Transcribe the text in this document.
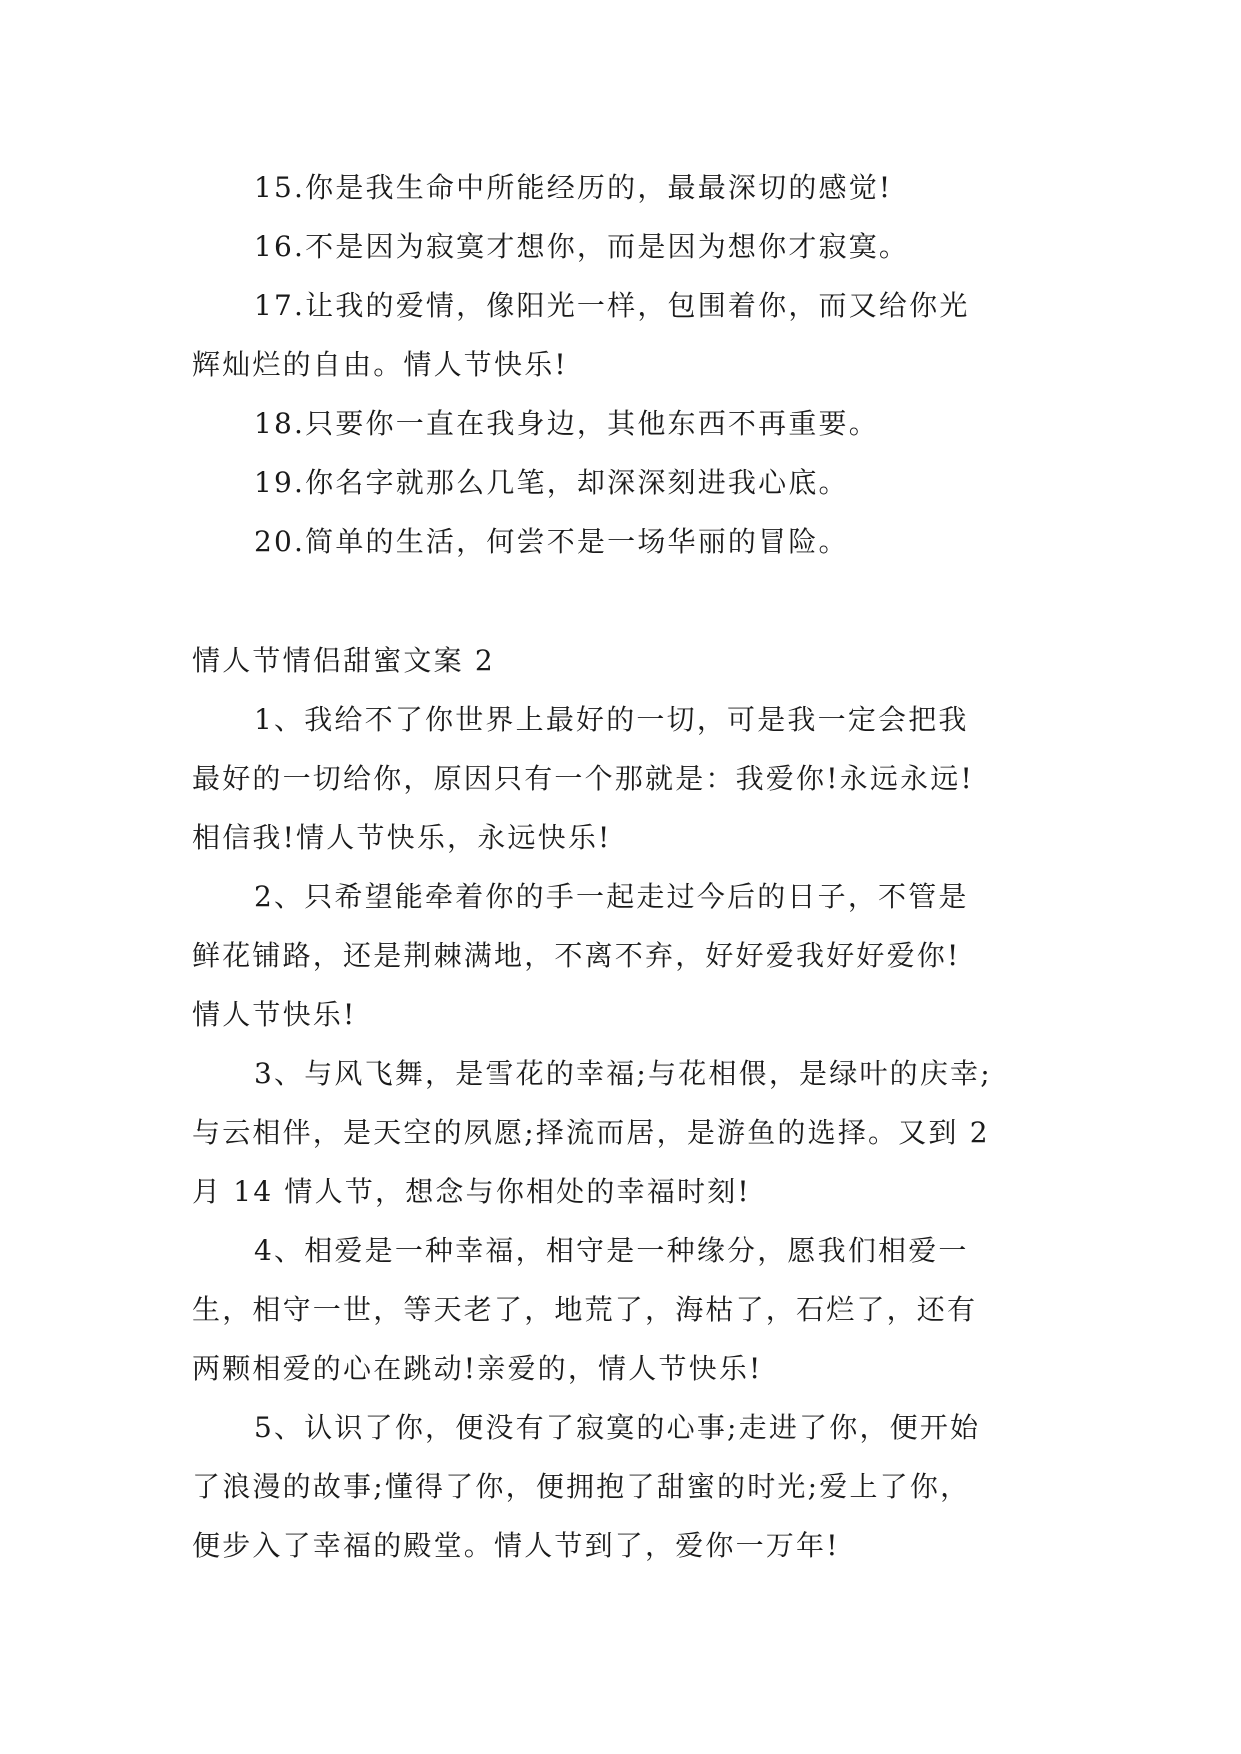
15.你是我生命中所能经历的，最最深切的感觉!

16.不是因为寂寞才想你，而是因为想你才寂寞。

17.让我的爱情，像阳光一样，包围着你，而又给你光
辉灿烂的自由。情人节快乐!

18.只要你一直在我身边，其他东西不再重要。

19.你名字就那么几笔，却深深刻进我心底。

20.简单的生活，何尝不是一场华丽的冒险。

情人节情侣甜蜜文案 2

1、我给不了你世界上最好的一切，可是我一定会把我
最好的一切给你，原因只有一个那就是：我爱你!永远永远!
相信我!情人节快乐，永远快乐!

2、只希望能牵着你的手一起走过今后的日子，不管是
鲜花铺路，还是荆棘满地，不离不弃，好好爱我好好爱你!
情人节快乐!

3、与风飞舞，是雪花的幸福;与花相偎，是绿叶的庆幸;
与云相伴，是天空的夙愿;择流而居，是游鱼的选择。又到 2
月 14 情人节，想念与你相处的幸福时刻!

4、相爱是一种幸福，相守是一种缘分，愿我们相爱一
生，相守一世，等天老了，地荒了，海枯了，石烂了，还有
两颗相爱的心在跳动!亲爱的，情人节快乐!

5、认识了你，便没有了寂寞的心事;走进了你，便开始
了浪漫的故事;懂得了你，便拥抱了甜蜜的时光;爱上了你，
便步入了幸福的殿堂。情人节到了，爱你一万年!
